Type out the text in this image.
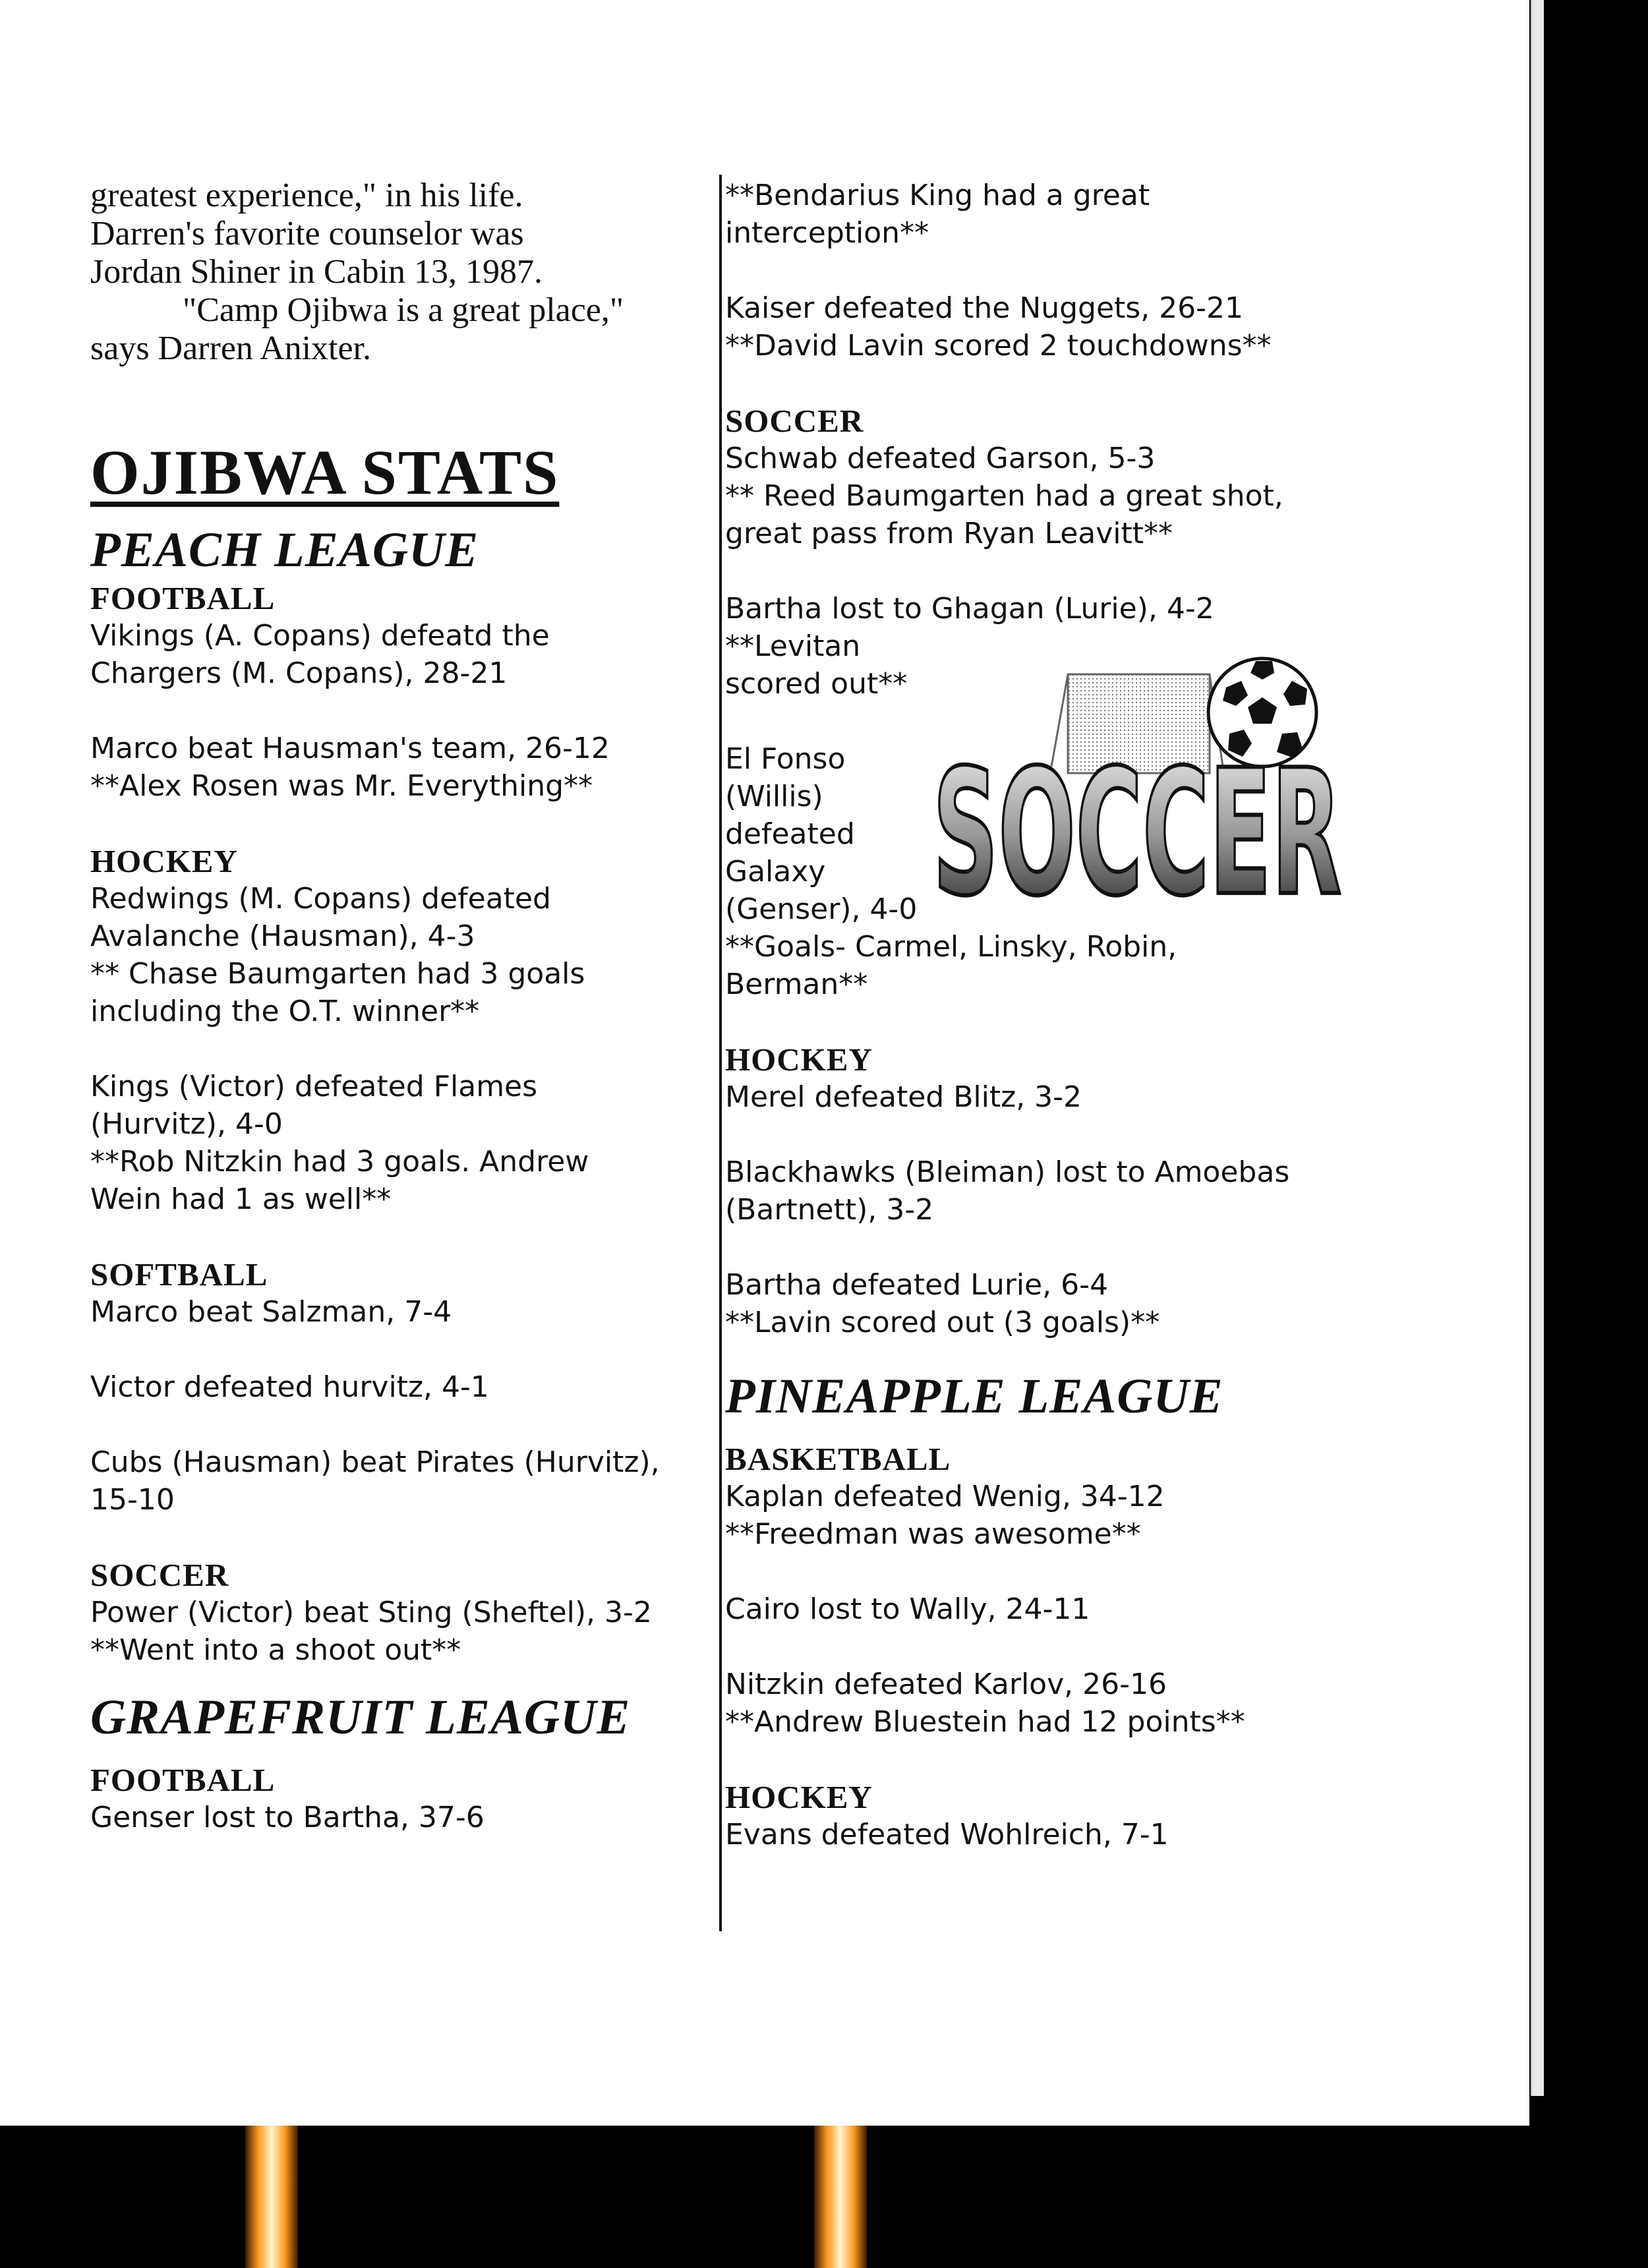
greatest experience," in his life.

Darren's favorite counselor was

Jordan Shiner in Cabin 13, 1987.

"Camp Ojibwa is a great place,"

says Darren Anixter.

OJIBWA STATS
PEACH LEAGUE
FOOTBALL
Vikings (A. Copans) defeatd the
Chargers (M. Copans), 28-21
Marco beat Hausman's team, 26-12
**Alex Rosen was Mr. Everything**
HOCKEY
Redwings (M. Copans) defeated
Avalanche (Hausman), 4-3
** Chase Baumgarten had 3 goals
including the O.T. winner**
Kings (Victor) defeated Flames
(Hurvitz), 4-0
**Rob Nitzkin had 3 goals. Andrew
Wein had 1 as well**
SOFTBALL
Marco beat Salzman, 7-4
Victor defeated hurvitz, 4-1
Cubs (Hausman) beat Pirates (Hurvitz),
15-10
SOCCER
Power (Victor) beat Sting (Sheftel), 3-2
**Went into a shoot out**
GRAPEFRUIT LEAGUE
FOOTBALL
Genser lost to Bartha, 37-6
**Bendarius King had a great
interception**
Kaiser defeated the Nuggets, 26-21
**David Lavin scored 2 touchdowns**
SOCCER
Schwab defeated Garson, 5-3
** Reed Baumgarten had a great shot,
great pass from Ryan Leavitt**
Bartha lost to Ghagan (Lurie), 4-2
**Levitan
scored out**
El Fonso
(Willis)
defeated
Galaxy
(Genser), 4-0
**Goals- Carmel, Linsky, Robin,
Berman**
HOCKEY
Merel defeated Blitz, 3-2
Blackhawks (Bleiman) lost to Amoebas
(Bartnett), 3-2
Bartha defeated Lurie, 6-4
**Lavin scored out (3 goals)**
PINEAPPLE LEAGUE
BASKETBALL
Kaplan defeated Wenig, 34-12
**Freedman was awesome**
Cairo lost to Wally, 24-11
Nitzkin defeated Karlov, 26-16
**Andrew Bluestein had 12 points**
HOCKEY
Evans defeated Wohlreich, 7-1
SOCCER
